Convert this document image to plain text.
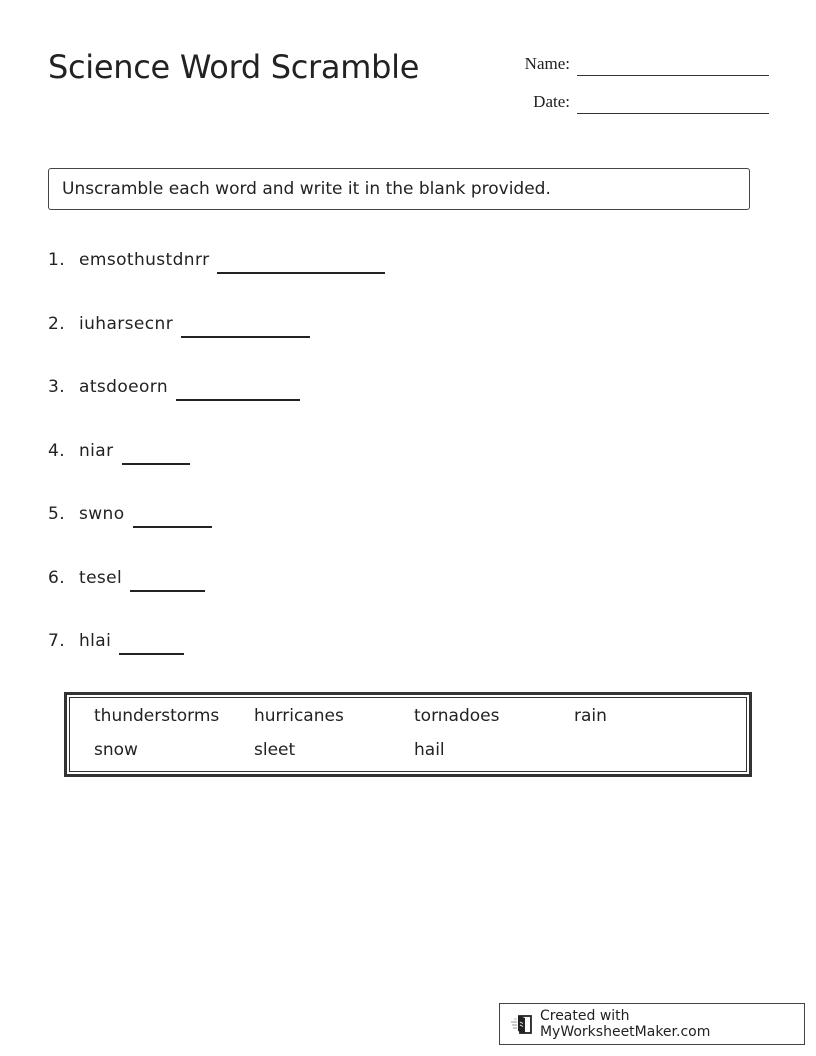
Science Word Scramble	Name:
Date:
Unscramble each word and write it in the blank provided.
1. emsothustdnrr
2. iuharsecnr
3. atsdoeorn
4. niar
5. swno
6. tesel
7. hlai
thunderstorms	hurricanes	tornadoes	rain
snow	sleet	hail
Created with MyWorksheetMaker.com
